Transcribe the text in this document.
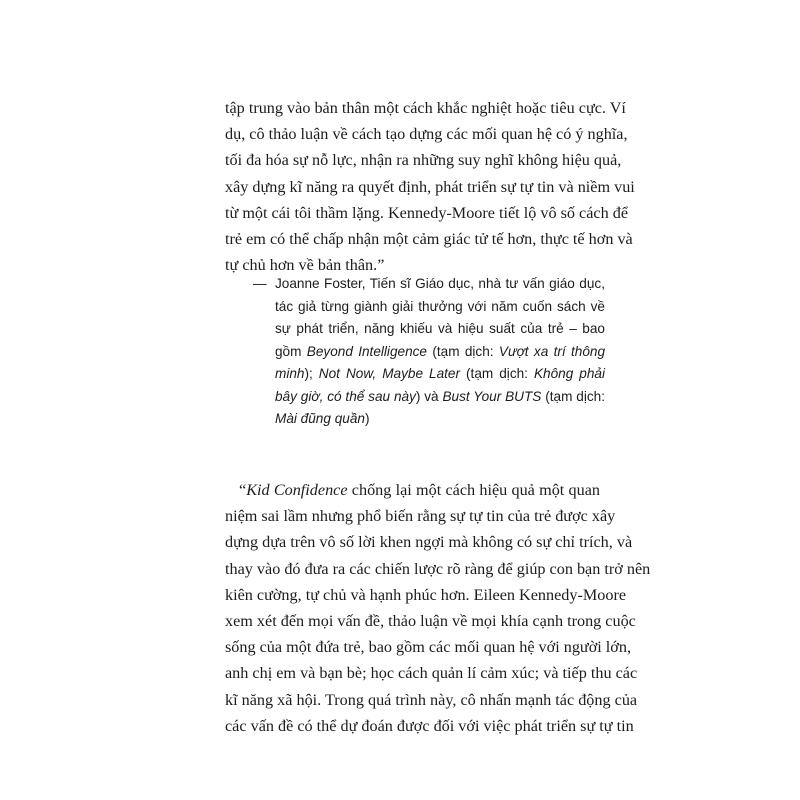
tập trung vào bản thân một cách khắc nghiệt hoặc tiêu cực. Ví
dụ, cô thảo luận về cách tạo dựng các mối quan hệ có ý nghĩa,
tối đa hóa sự nỗ lực, nhận ra những suy nghĩ không hiệu quả,
xây dựng kĩ năng ra quyết định, phát triển sự tự tin và niềm vui
từ một cái tôi thầm lặng. Kennedy-Moore tiết lộ vô số cách để
trẻ em có thể chấp nhận một cảm giác tử tế hơn, thực tế hơn và
tự chủ hơn về bản thân.”
— Joanne Foster, Tiến sĩ Giáo dục, nhà tư vấn giáo dục,
tác giả từng giành giải thưởng với năm cuốn sách về
sự phát triển, năng khiếu và hiệu suất của trẻ – bao
gồm Beyond Intelligence (tạm dịch: Vượt xa trí thông
minh); Not Now, Maybe Later (tạm dịch: Không phải
bây giờ, có thể sau này) và Bust Your BUTS (tạm dịch:
Mài đũng quần)
“Kid Confidence chống lại một cách hiệu quả một quan
niệm sai lầm nhưng phổ biến rằng sự tự tin của trẻ được xây
dựng dựa trên vô số lời khen ngợi mà không có sự chỉ trích, và
thay vào đó đưa ra các chiến lược rõ ràng để giúp con bạn trở nên
kiên cường, tự chủ và hạnh phúc hơn. Eileen Kennedy-Moore
xem xét đến mọi vấn đề, thảo luận về mọi khía cạnh trong cuộc
sống của một đứa trẻ, bao gồm các mối quan hệ với người lớn,
anh chị em và bạn bè; học cách quản lí cảm xúc; và tiếp thu các
kĩ năng xã hội. Trong quá trình này, cô nhấn mạnh tác động của
các vấn đề có thể dự đoán được đối với việc phát triển sự tự tin
